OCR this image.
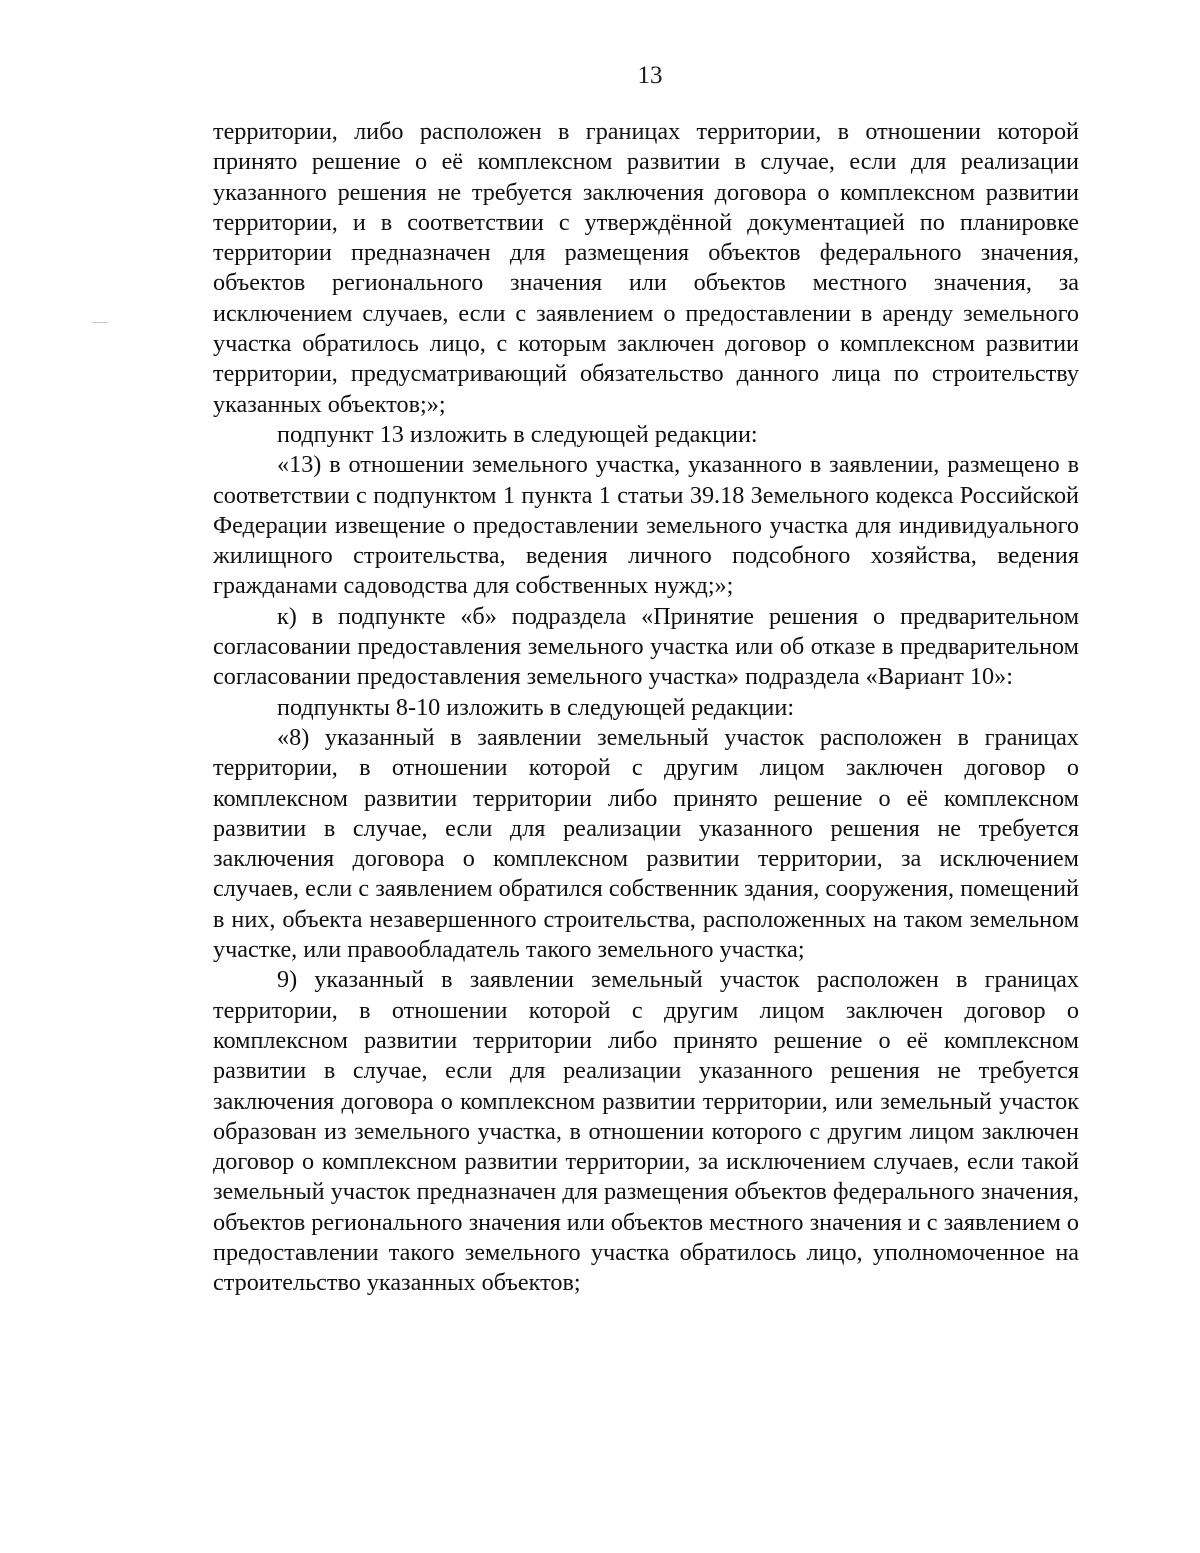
13

территории, либо расположен в границах территории, в отношении которой принято решение о её комплексном развитии в случае, если для реализации указанного решения не требуется заключения договора о комплексном развитии территории, и в соответствии с утверждённой документацией по планировке территории предназначен для размещения объектов федерального значения, объектов регионального значения или объектов местного значения, за исключением случаев, если с заявлением о предоставлении в аренду земельного участка обратилось лицо, с которым заключен договор о комплексном развитии территории, предусматривающий обязательство данного лица по строительству указанных объектов;»;

подпункт 13 изложить в следующей редакции:

«13) в отношении земельного участка, указанного в заявлении, размещено в соответствии с подпунктом 1 пункта 1 статьи 39.18 Земельного кодекса Российской Федерации извещение о предоставлении земельного участка для индивидуального жилищного строительства, ведения личного подсобного хозяйства, ведения гражданами садоводства для собственных нужд;»;

к) в подпункте «б» подраздела «Принятие решения о предварительном согласовании предоставления земельного участка или об отказе в предварительном согласовании предоставления земельного участка» подраздела «Вариант 10»:

подпункты 8-10 изложить в следующей редакции:

«8) указанный в заявлении земельный участок расположен в границах территории, в отношении которой с другим лицом заключен договор о комплексном развитии территории либо принято решение о её комплексном развитии в случае, если для реализации указанного решения не требуется заключения договора о комплексном развитии территории, за исключением случаев, если с заявлением обратился собственник здания, сооружения, помещений в них, объекта незавершенного строительства, расположенных на таком земельном участке, или правообладатель такого земельного участка;

9) указанный в заявлении земельный участок расположен в границах территории, в отношении которой с другим лицом заключен договор о комплексном развитии территории либо принято решение о её комплексном развитии в случае, если для реализации указанного решения не требуется заключения договора о комплексном развитии территории, или земельный участок образован из земельного участка, в отношении которого с другим лицом заключен договор о комплексном развитии территории, за исключением случаев, если такой земельный участок предназначен для размещения объектов федерального значения, объектов регионального значения или объектов местного значения и с заявлением о предоставлении такого земельного участка обратилось лицо, уполномоченное на строительство указанных объектов;
